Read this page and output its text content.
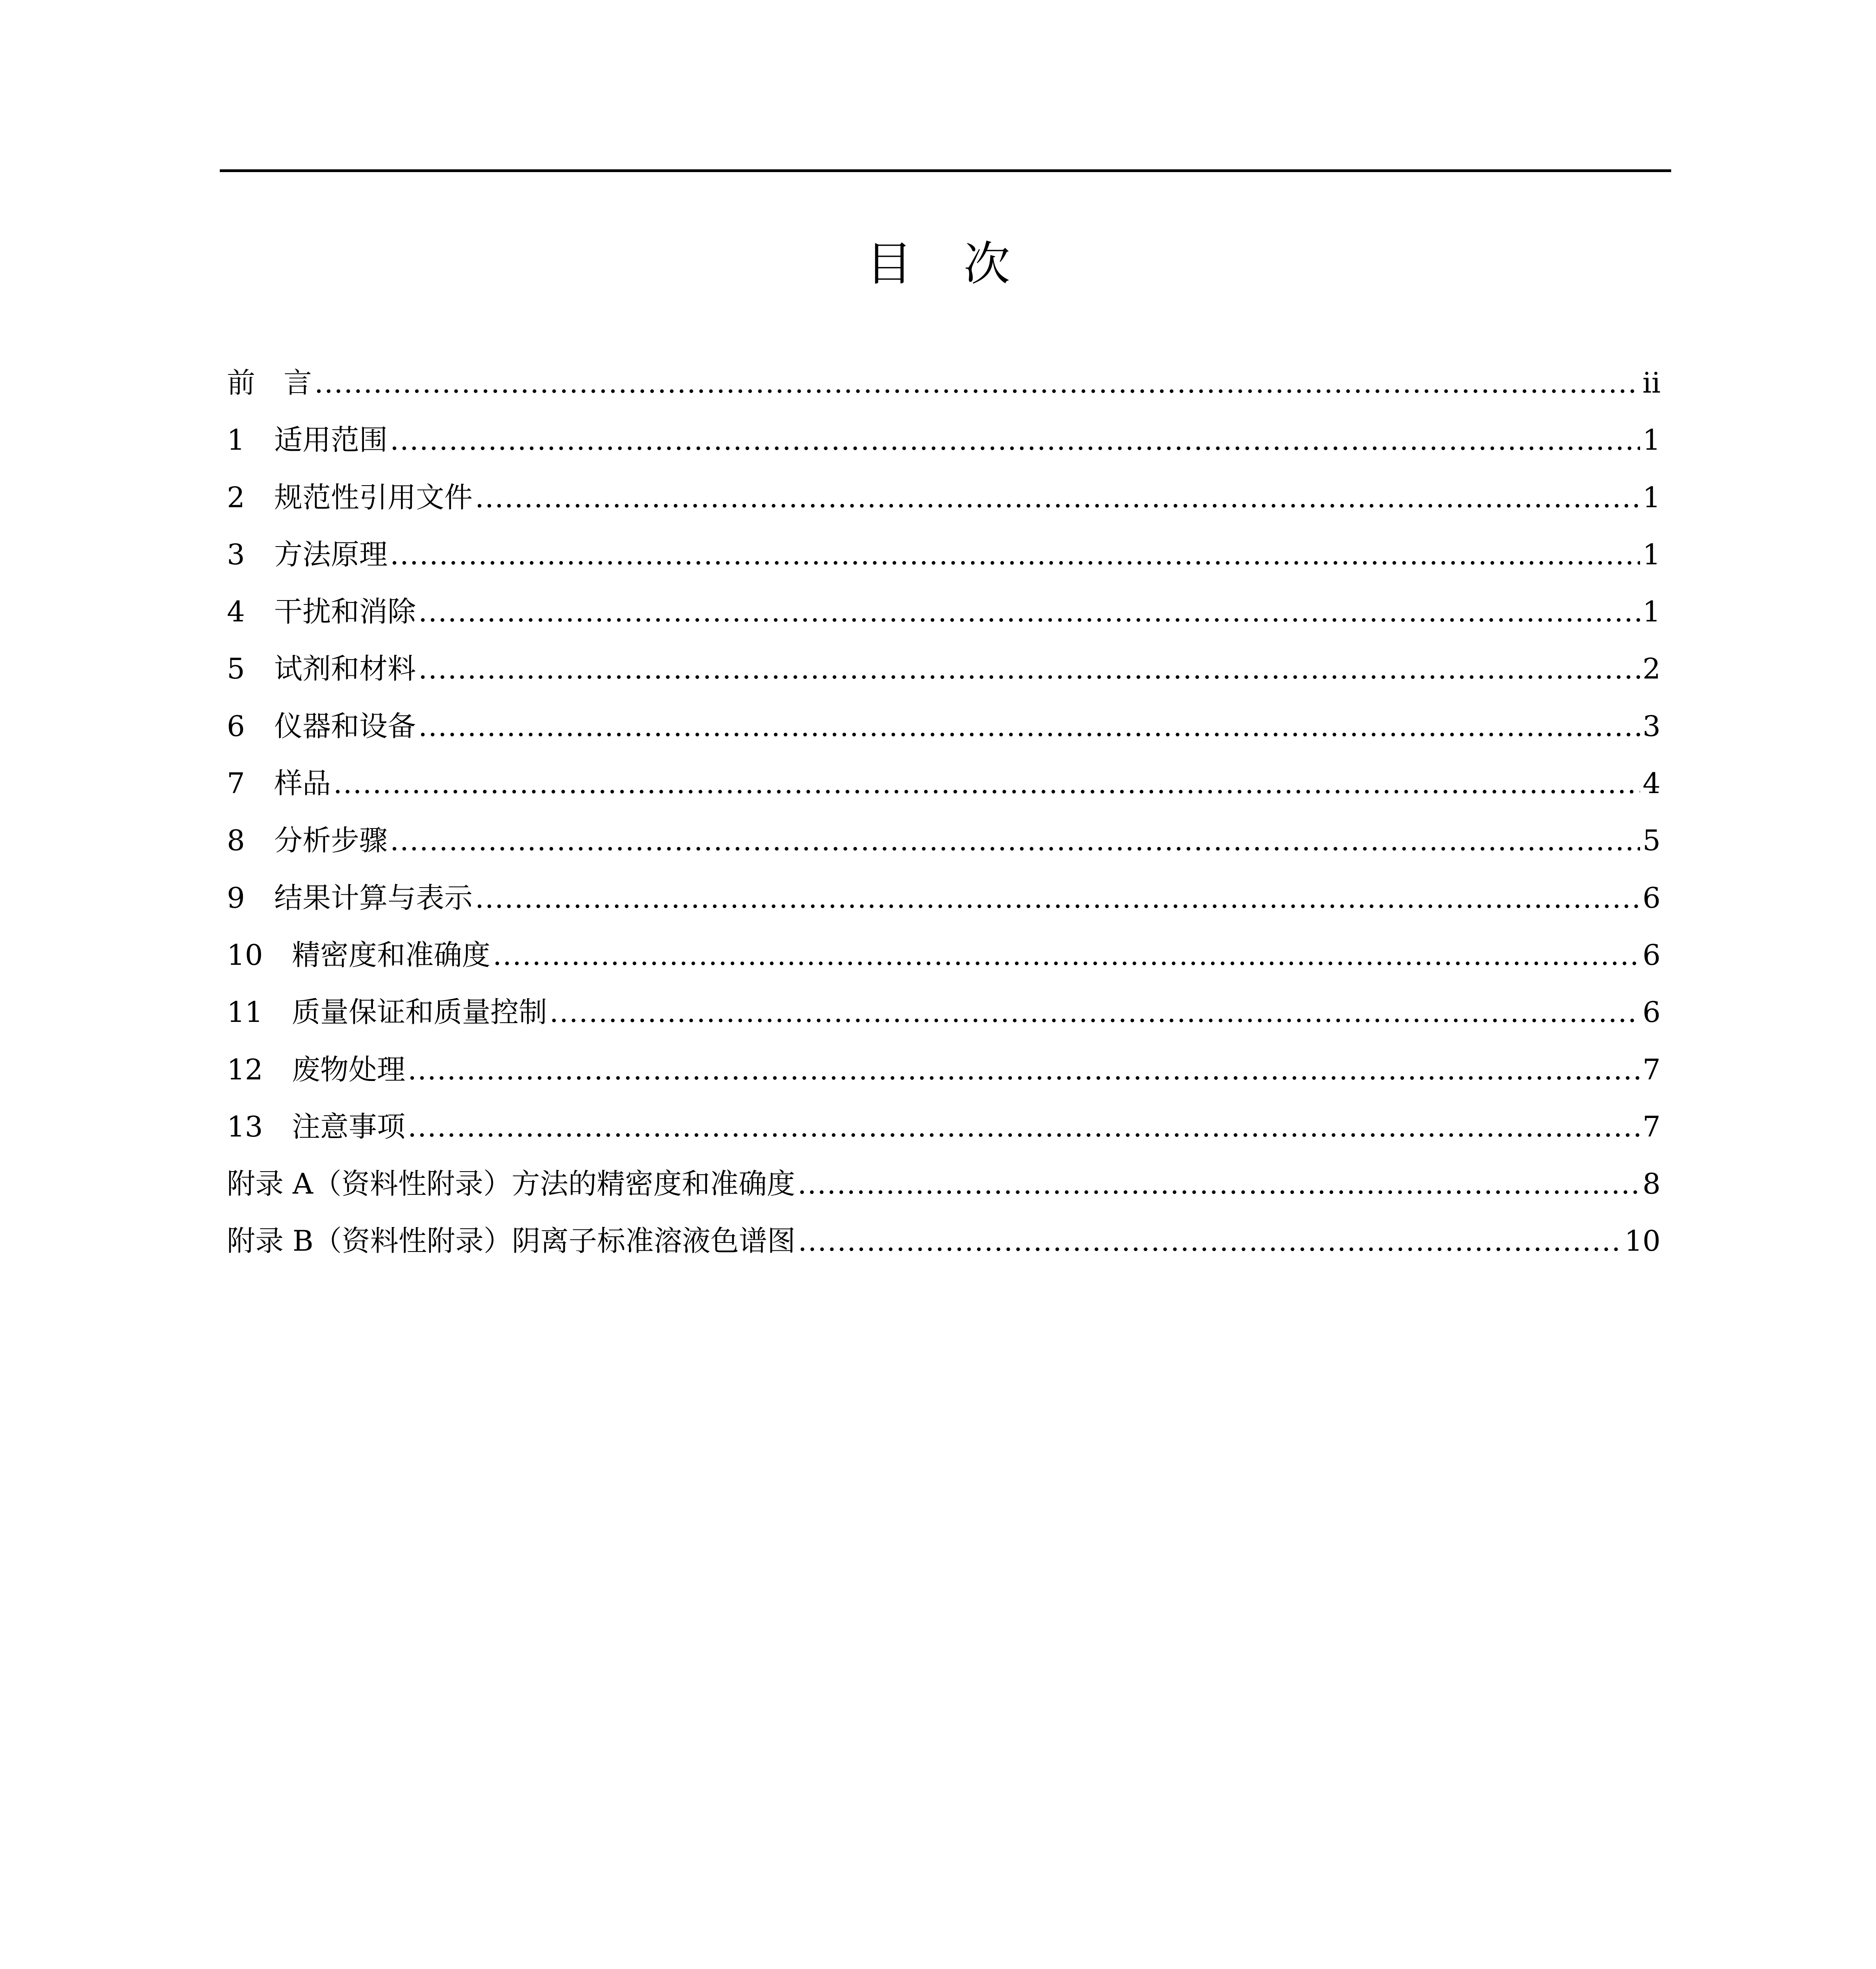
目 次
前 言 .....	ii
1	适用范围 .....	1
2	规范性引用文件 .....	1
3	方法原理 .....	1
4	干扰和消除 .....	1
5	试剂和材料 .....	2
6	仪器和设备 .....	3
7	样品 .....	4
8	分析步骤 .....	5
9	结果计算与表示 .....	6
10	精密度和准确度 .....	6
11	质量保证和质量控制 .....	6
12	废物处理 .....	7
13	注意事项 .....	7
附录 A（资料性附录）方法的精密度和准确度 .....	8
附录 B（资料性附录）阴离子标准溶液色谱图 .....	10
